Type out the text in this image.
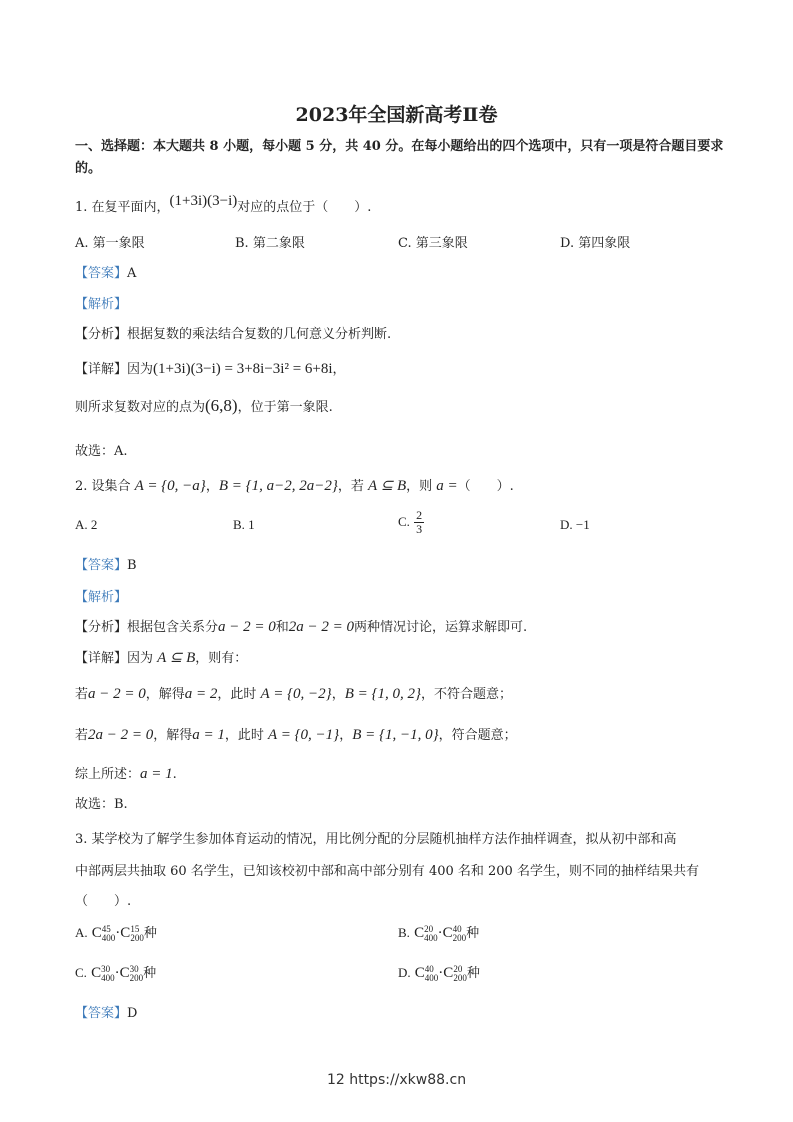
2023年全国新高考Ⅱ卷
一、选择题：本大题共 8 小题，每小题 5 分，共 40 分。在每小题给出的四个选项中，只有一项是符合题目要求的。
1. 在复平面内，(1+3i)(3−i)对应的点位于（　　）.
A. 第一象限	B. 第二象限	C. 第三象限	D. 第四象限
【答案】A
【解析】
【分析】根据复数的乘法结合复数的几何意义分析判断.
【详解】因为(1+3i)(3−i) = 3+8i−3i² = 6+8i，
则所求复数对应的点为(6,8)，位于第一象限.
故选：A.
2. 设集合 A = {0, −a}，B = {1, a−2, 2a−2}，若 A ⊆ B，则 a =（　　）.
A. 2	B. 1	C. $\frac{2}{3}$	D. −1
【答案】B
【解析】
【分析】根据包含关系分a − 2 = 0和2a − 2 = 0两种情况讨论，运算求解即可.
【详解】因为 A ⊆ B，则有：
若a − 2 = 0，解得a = 2，此时 A = {0, −2}，B = {1, 0, 2}，不符合题意；
若2a − 2 = 0，解得a = 1，此时 A = {0, −1}，B = {1, −1, 0}，符合题意；
综上所述：a = 1.
故选：B.
3. 某学校为了解学生参加体育运动的情况，用比例分配的分层随机抽样方法作抽样调查，拟从初中部和高
中部两层共抽取 60 名学生，已知该校初中部和高中部分别有 400 名和 200 名学生，则不同的抽样结果共有
（　　）.
A. C 45
400 ·C 15
200 种	B. C 20
400 ·C 40
200 种
C. C 30
400 ·C 30
200 种	D. C 40
400 ·C 20
200 种
【答案】D
12 https://xkw88.cn
